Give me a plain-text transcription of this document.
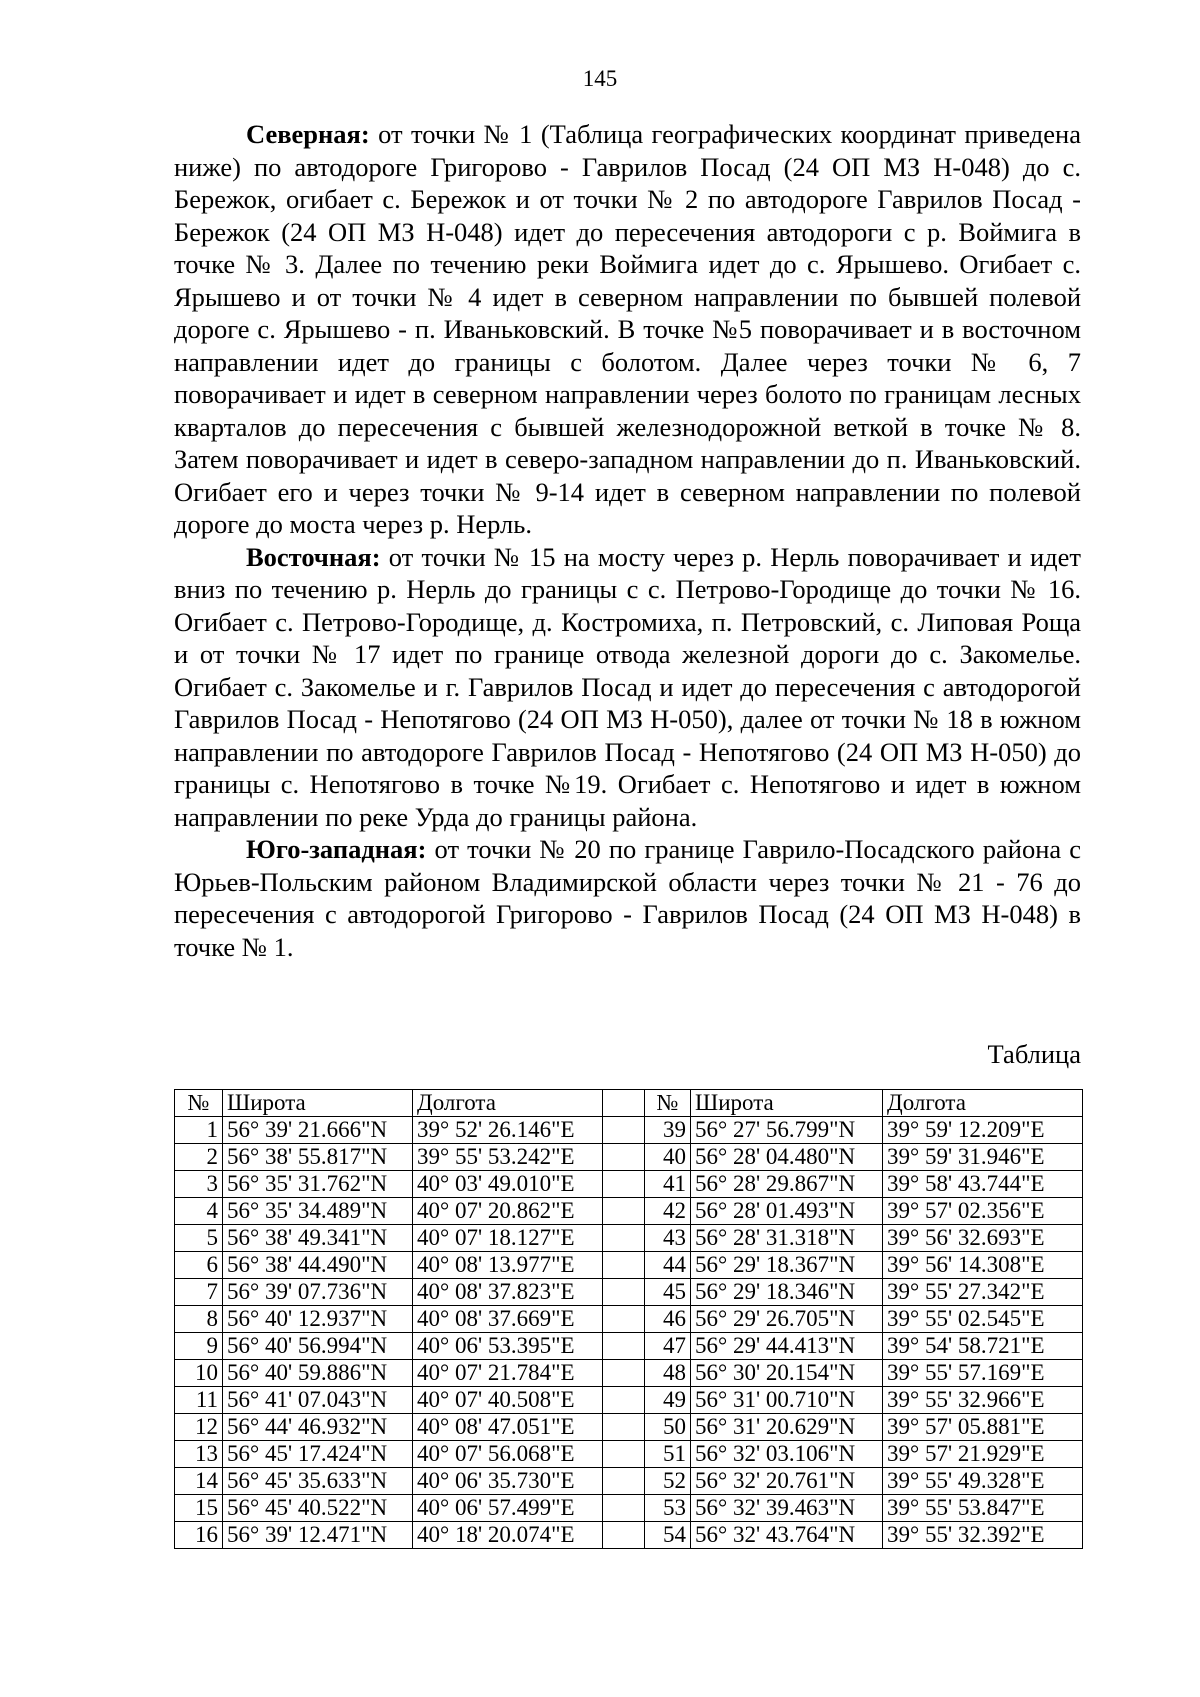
145

Северная: от точки № 1 (Таблица географических координат приведена ниже) по автодороге Григорово - Гаврилов Посад (24 ОП МЗ Н-048) до с. Бережок, огибает с. Бережок и от точки № 2 по автодороге Гаврилов Посад - Бережок (24 ОП МЗ Н-048) идет до пересечения автодороги с р. Воймига в точке № 3. Далее по течению реки Воймига идет до с. Ярышево. Огибает с. Ярышево и от точки № 4 идет в северном направлении по бывшей полевой дороге с. Ярышево - п. Иваньковский. В точке №5 поворачивает и в восточном направлении идет до границы с болотом. Далее через точки № 6, 7 поворачивает и идет в северном направлении через болото по границам лесных кварталов до пересечения с бывшей железнодорожной веткой в точке № 8. Затем поворачивает и идет в северо-западном направлении до п. Иваньковский. Огибает его и через точки № 9-14 идет в северном направлении по полевой дороге до моста через р. Нерль.

Восточная: от точки № 15 на мосту через р. Нерль поворачивает и идет вниз по течению р. Нерль до границы с с. Петрово-Городище до точки № 16. Огибает с. Петрово-Городище, д. Костромиха, п. Петровский, с. Липовая Роща и от точки № 17 идет по границе отвода железной дороги до с. Закомелье. Огибает с. Закомелье и г. Гаврилов Посад и идет до пересечения с автодорогой Гаврилов Посад - Непотягово (24 ОП МЗ Н-050), далее от точки № 18 в южном направлении по автодороге Гаврилов Посад - Непотягово (24 ОП МЗ Н-050) до границы с. Непотягово в точке №19. Огибает с. Непотягово и идет в южном направлении по реке Урда до границы района.

Юго-западная: от точки № 20 по границе Гаврило-Посадского района с Юрьев-Польским районом Владимирской области через точки № 21 - 76 до пересечения с автодорогой Григорово - Гаврилов Посад (24 ОП МЗ Н-048) в точке № 1.

Таблица
№	Широта	Долгота		№	Широта	Долгота
1	56° 39' 21.666"N	39° 52' 26.146"E		39	56° 27' 56.799"N	39° 59' 12.209"E
2	56° 38' 55.817"N	39° 55' 53.242"E		40	56° 28' 04.480"N	39° 59' 31.946"E
3	56° 35' 31.762"N	40° 03' 49.010"E		41	56° 28' 29.867"N	39° 58' 43.744"E
4	56° 35' 34.489"N	40° 07' 20.862"E		42	56° 28' 01.493"N	39° 57' 02.356"E
5	56° 38' 49.341"N	40° 07' 18.127"E		43	56° 28' 31.318"N	39° 56' 32.693"E
6	56° 38' 44.490"N	40° 08' 13.977"E		44	56° 29' 18.367"N	39° 56' 14.308"E
7	56° 39' 07.736"N	40° 08' 37.823"E		45	56° 29' 18.346"N	39° 55' 27.342"E
8	56° 40' 12.937"N	40° 08' 37.669"E		46	56° 29' 26.705"N	39° 55' 02.545"E
9	56° 40' 56.994"N	40° 06' 53.395"E		47	56° 29' 44.413"N	39° 54' 58.721"E
10	56° 40' 59.886"N	40° 07' 21.784"E		48	56° 30' 20.154"N	39° 55' 57.169"E
11	56° 41' 07.043"N	40° 07' 40.508"E		49	56° 31' 00.710"N	39° 55' 32.966"E
12	56° 44' 46.932"N	40° 08' 47.051"E		50	56° 31' 20.629"N	39° 57' 05.881"E
13	56° 45' 17.424"N	40° 07' 56.068"E		51	56° 32' 03.106"N	39° 57' 21.929"E
14	56° 45' 35.633"N	40° 06' 35.730"E		52	56° 32' 20.761"N	39° 55' 49.328"E
15	56° 45' 40.522"N	40° 06' 57.499"E		53	56° 32' 39.463"N	39° 55' 53.847"E
16	56° 39' 12.471"N	40° 18' 20.074"E		54	56° 32' 43.764"N	39° 55' 32.392"E
